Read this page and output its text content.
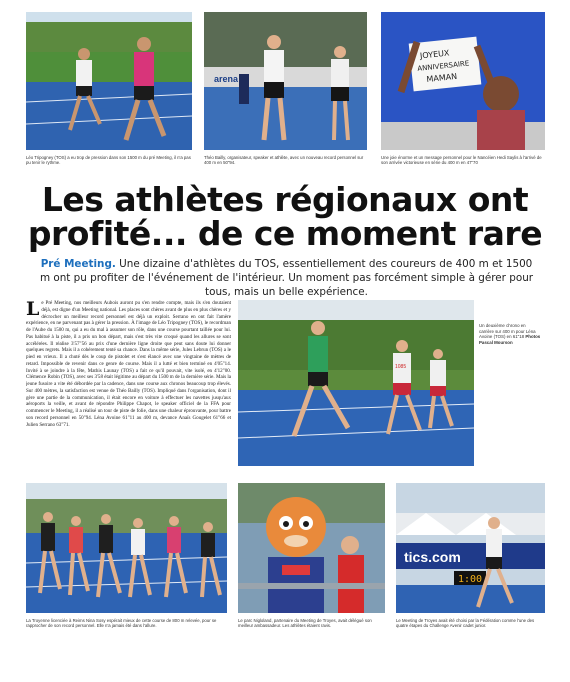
arena
JOYEUX
ANNIVERSAIRE
MAMAN
Léo Tripogney (TOS) a eu trop de pression dans son 1500 m du pré Meeting, il n'a pas pu tenir le rythme.
Théo Bailly, organisateur, speaker et athlète, avec un nouveau record personnel sur 400 m en 50"94.
Une joie énorme et un message personnel pour le Nancéien Hedi Saylis à l'arrivé de son arrivée victorieuse en série du 400 m en 47"70
Les athlètes régionaux ont
profité... de ce moment rare

Pré Meeting. Une dizaine d'athlètes du TOS, essentiellement des coureurs de 400 m et 1500 m ont pu profiter de l'événement de l'intérieur. Un moment pas forcément simple à gérer pour tous, mais un belle expérience.

Le Pré Meeting, nos meilleurs Aubois auront pu s'en rendre compte, mais ils s'en doutaient déjà, est digne d'un Meeting national. Les places sont chères avant de plus en plus chères et y décrocher un meilleur record personnel est déjà un exploit. Serrano en ont fait l'amère expérience, en ne parvenant pas à gérer la pression. À l'image de Léo Tripogney (TOS), le recordman de l'Aube du 1500 m, qui a eu du mal à assumer son rôle, dans une course pourtant taillée pour lui. Pas habitué à la piste, il a pris un bon départ, mais s'est très vite croqué quand les allures se sont accélérées. Il réalise 3'57"56 au prix d'une dernière ligne droite que peut sans doute lui donner quelques regrets. Mais il a cohérement tenté sa chance. Dans la même série, Jules Lebrun (TOS) a le pied en vrieux. Il a chuté dès le coup de pistolet et s'est élancé avec une vingtaine de mètres de retard. Impossible de revenir dans ce genre de course. Mais il a lutté et bien terminé en 4'05"14. Invité à se joindre à la fête, Mathis Launay (TOS) a fait ce qu'il pouvait, vite isolé, en 4'12"00. Clémence Robin (TOS), avec ses 3'58 était légitime au départ du 1500 m de la dernière série. Mais la jeune fusoire a vite été débordée par la cadence, dans une course aux chronos beaucoup trop élevés. Sur 400 mètres, la satisfaction est venue de Théo Bailly (TOS). Impliqué dans l'organisation, dont il gère une partie de la communication, il était encore en voiture à effectuer les navettes jusqu'aux aéroports la veille, et avant de répondre Philippe Chapot, le speaker officiel de la FFA pour commencer le Meeting, il a réalisé un tour de piste de folie, dans une chaleur éprouvante, pour battre son record personnel en 50"94. Léna Avoine 61"11 au 400 m, devance Anaïs Gougelet 61"66 et Julien Serrano 63"71.
1085
Un deuxième chrono en carrière sur 400 m pour Léna Avoine (TOS) en 61"18 Photos Pascal Mourson
tics.com
1:00
La Troyenne licenciée à Reims Nina Sosy espérait mieux de cette course de 800 m relevée, pour se rapprocher de son record personnel. Elle n'a jamais été dans l'allure.
Le parc Nigloland, partenaire du Meeting de Troyes, avait délégué son meilleur ambassadeur. Les athlètes étaient ravis.
Le Meeting de Troyes avait été choisi par la Fédération comme l'une des quatre étapes du Challenge Avenir cadet junior.
